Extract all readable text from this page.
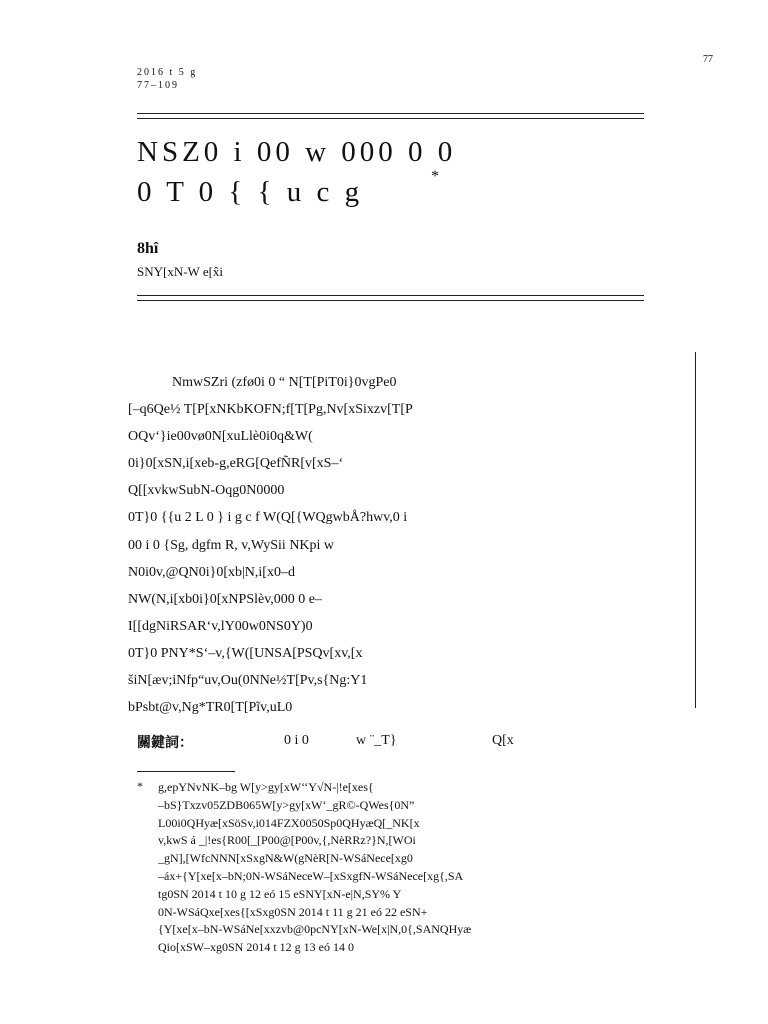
77
2016 t 5 g
77–109
NSZ0 i 00 w 000 0 0
0 T 0 { { u c g	*
8hî
SNY[xN-W e[x̂i
NmwSZri (zfø0i 0 “ N[T[PiT0i}0vgPe0
[–q6Qe½ T[P[xNKbKOFN;f[T[Pg,Nv[xSixzv[T[P
OQv‘}ie00vø0N[xuLlè0i0q&W(
0i}0[xSN,i[xeb-g,eRG[QefÑR[v[xS–‘
Q[[xvkwSubN-Oqg0N0000
0T}0 {{u 2 L 0 } i g c f W(Q[{WQgwbÅ?hwv,0 i
00 i 0 {Sg, dgfm R, v,WySii NKpi w
N0i0v,@QN0i}0[xb|N,i[x0–d
NW(N,i[xb0i}0[xNPSlèv,000 0 e–
I[[dgNiRSAR‘v,lY00w0NS0Y)0
0T}0 PNY*S‘–v,{W([UNSA[PSQv[xv,[x
šiN[æv;iNfp“uv,Ou(0NNe½T[Pv,s{Ng:Y1
bPsbt@v,Ng*TR0[T[Pĩv,uL0
關鍵詞：	0 i 0	w ¨_T}	Q[x
* g,epYNvNK–bg W[y>gy[xW‘‘Y√N-|!e[xes{
–bS}Txzv05ZDB065W[y>gy[xW‘_gR©-QWes{0N”
L00i0QHyæ[xSöSv,i014FZX0050Sp0QHyæQ[_NK[x
v,kwS á _|!es{R00[_[P00@[P00v,{,NèRRz?}N,[WOi
_gN],[WfcNNN[xSxgN&W(gNèR[N-WSáNece[xg0
–áx+{Y[xe[x–bN;0N-WSáNeceW–[xSxgfN-WSáNece[xg{,SA
tg0SN 2014 t 10 g 12 eó 15 eSNY[xN-e|N,SY% Y
0N-WSáQxe[xes{[xSxg0SN 2014 t 11 g 21 eó 22 eSN+
{Y[xe[x–bN-WSáNe[xxzvb@0pcNY[xN-We[x|N,0{,SANQHyæ
Qio[xSW–xg0SN 2014 t 12 g 13 eó 14 0
